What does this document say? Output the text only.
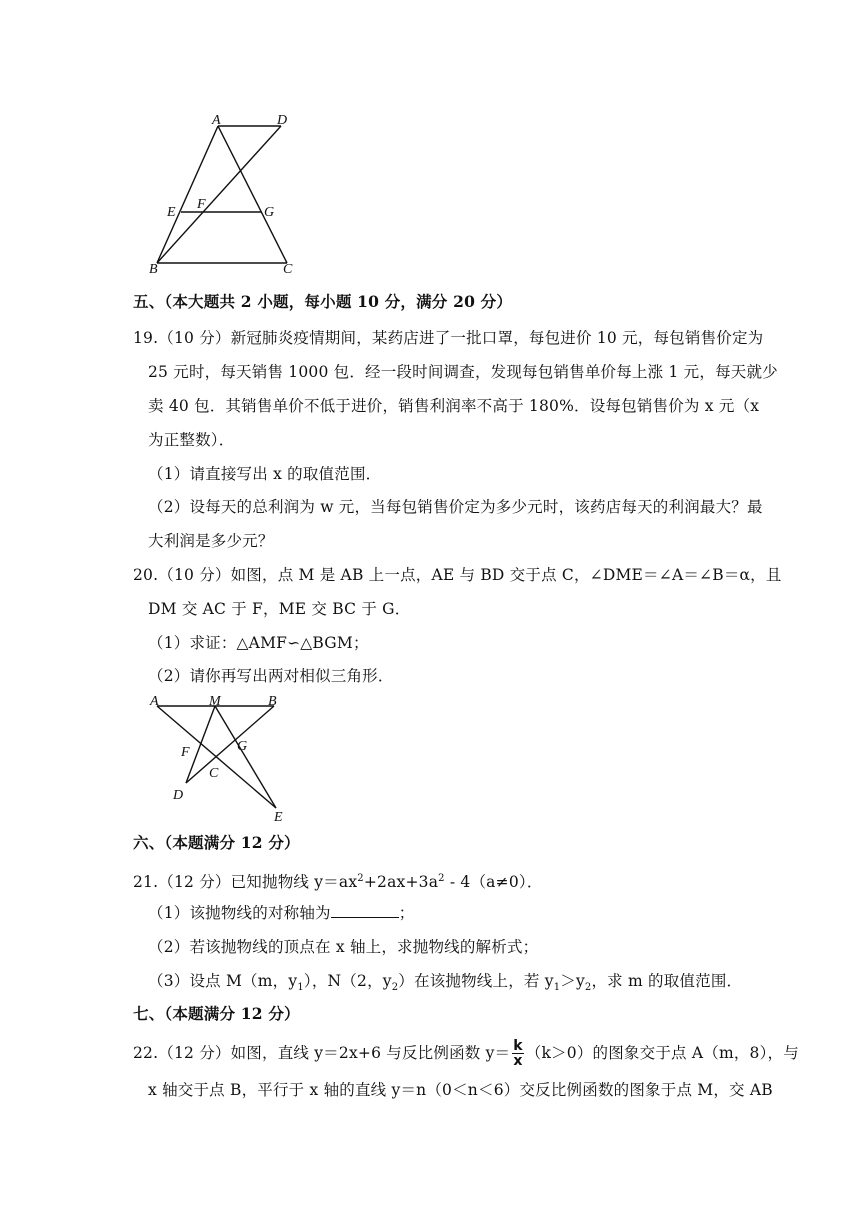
A	D
E
F
G
B	C
五、（本大题共 2 小题，每小题 10 分，满分 20 分）
19.（10 分）新冠肺炎疫情期间，某药店进了一批口罩，每包进价 10 元，每包销售价定为
25 元时，每天销售 1000 包．经一段时间调查，发现每包销售单价每上涨 1 元，每天就少
卖 40 包．其销售单价不低于进价，销售利润率不高于 180%．设每包销售价为 x 元（x
为正整数）．
（1）请直接写出 x 的取值范围．
（2）设每天的总利润为 w 元，当每包销售价定为多少元时，该药店每天的利润最大？最
大利润是多少元？
20.（10 分）如图，点 M 是 AB 上一点，AE 与 BD 交于点 C，∠DME＝∠A＝∠B＝α，且
DM 交 AC 于 F，ME 交 BC 于 G．
（1）求证：△AMF∽△BGM；
（2）请你再写出两对相似三角形．
A	M	B
F	G
C
D
E
六、（本题满分 12 分）
21.（12 分）已知抛物线 $y=ax^2+2ax+3a^2 - 4(a\ne 0)$．
（1）该抛物线的对称轴为	；
（2）若该抛物线的顶点在 x 轴上，求抛物线的解析式；
（3）设点 M（m，$y_1$），N（2，$y_2$）在该抛物线上，若 $y_1>y_2$，求 m 的取值范围．
七、（本题满分 12 分）
22.（12 分）如图，直线 y＝2x+6 与反比例函数 $y= \frac{k}{x} (k>0)$的图象交于点 A（m，8），与
x 轴交于点 B，平行于 x 轴的直线 y＝n（0＜n＜6）交反比例函数的图象于点 M，交 AB
